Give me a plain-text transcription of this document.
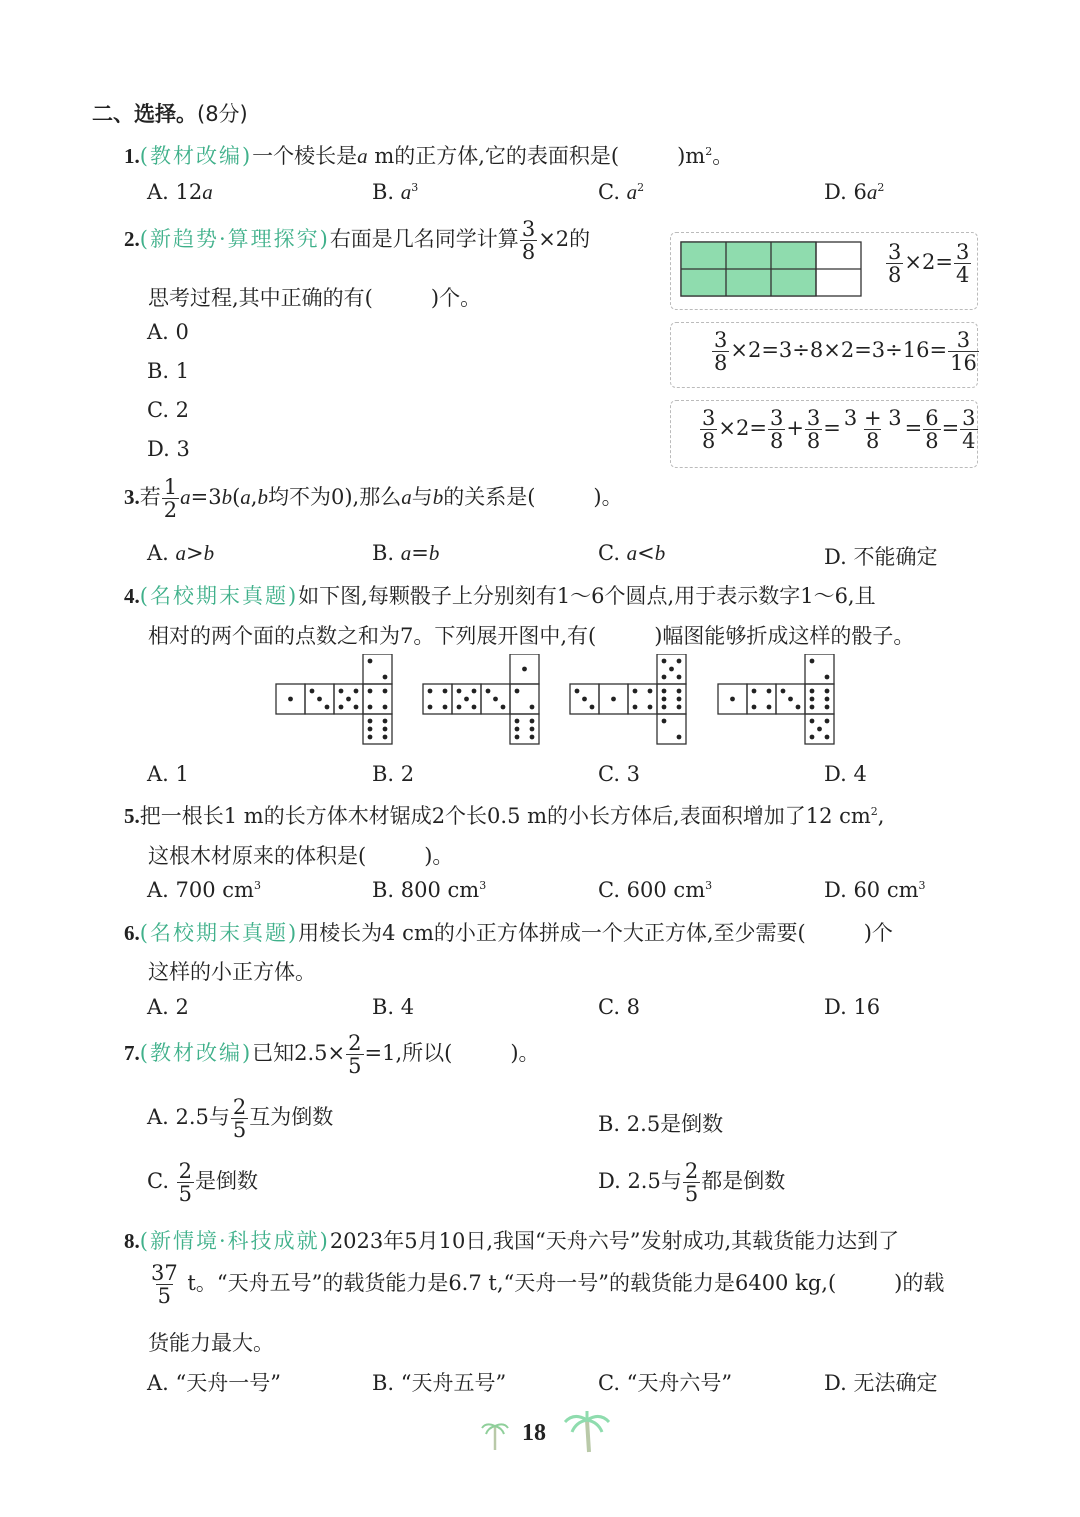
二、选择。(8分)
1.(教材改编)一个棱长是a m的正方体,它的表面积是(	)$m^2$。
A. 12a	B. $a^3$	C. $a^2$	D. $6a^2$
2.(新趋势·算理探究)右面是几名同学计算 $\frac{3}{8} \times 2$的
思考过程,其中正确的有(	)个。
A. 0
B. 1
C. 2
D. 3
$\frac{3}{8} \times 2= \frac{3}{4}$
$\frac{3}{8} \times 2=3\div 8\times 2=3\div 16= \frac{3}{16}$
$\frac{3}{8} \times 2= \frac{3}{8} + \frac{3}{8} = \frac{3 + 3}{8} = \frac{6}{8} = \frac{3}{4}$
3.若 $\frac{1}{2} a=3b(a,b$均不为0),那么a与b的关系是(	)。
A. a>b	B. a=b	C. a<b	D. 不能确定
4.(名校期末真题)如下图,每颗骰子上分别刻有1～6个圆点,用于表示数字1～6,且
相对的两个面的点数之和为7。下列展开图中,有(	)幅图能够折成这样的骰子。
A. 1	B. 2	C. 3	D. 4
5.把一根长1 m的长方体木材锯成2个长0.5 m的小长方体后,表面积增加了12 $cm^2$,
这根木材原来的体积是(	)。
A. 700 $cm^3$	B. 800 $cm^3$	C. 600 $cm^3$	D. 60 $cm^3$
6.(名校期末真题)用棱长为4 cm的小正方体拼成一个大正方体,至少需要(	)个
这样的小正方体。
A. 2	B. 4	C. 8	D. 16
7.(教材改编)已知$2.5\times \frac{2}{5} =1$,所以(	)。
A. 2.5与 $\frac{2}{5}$ 互为倒数	B. 2.5是倒数
C. $\frac{2}{5}$ 是倒数	D. 2.5与 $\frac{2}{5}$ 都是倒数
8.(新情境·科技成就)2023年5月10日,我国“天舟六号”发射成功,其载货能力达到了
$\frac{37}{5}$ t。“天舟五号”的载货能力是6.7 t,“天舟一号”的载货能力是6400 kg,(	)的载
货能力最大。
A. “天舟一号”	B. “天舟五号”	C. “天舟六号”	D. 无法确定
18
